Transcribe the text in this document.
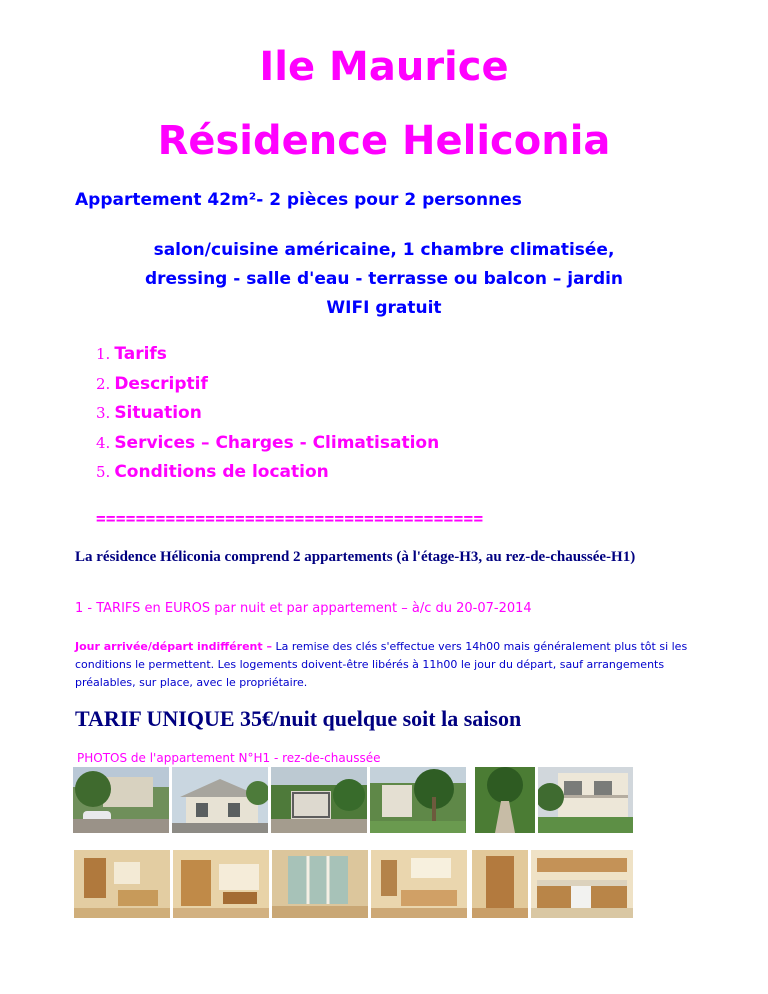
Ile Maurice
Résidence Heliconia
Appartement 42m²- 2 pièces pour 2 personnes
salon/cuisine américaine, 1 chambre climatisée,
dressing - salle d'eau - terrasse ou balcon – jardin
WIFI gratuit
1. Tarifs
2. Descriptif
3. Situation
4. Services – Charges - Climatisation
5. Conditions de location
=======================================
La résidence Héliconia comprend 2 appartements (à l'étage-H3, au rez-de-chaussée-H1)
1 - TARIFS en EUROS par nuit et par appartement – à/c du 20-07-2014
Jour arrivée/départ indifférent – La remise des clés s'effectue vers 14h00 mais généralement plus tôt si les conditions le permettent. Les logements doivent-être libérés à 11h00 le jour du départ, sauf arrangements préalables, sur place, avec le propriétaire.
TARIF UNIQUE 35€/nuit quelque soit la saison
PHOTOS de l'appartement N°H1 - rez-de-chaussée
